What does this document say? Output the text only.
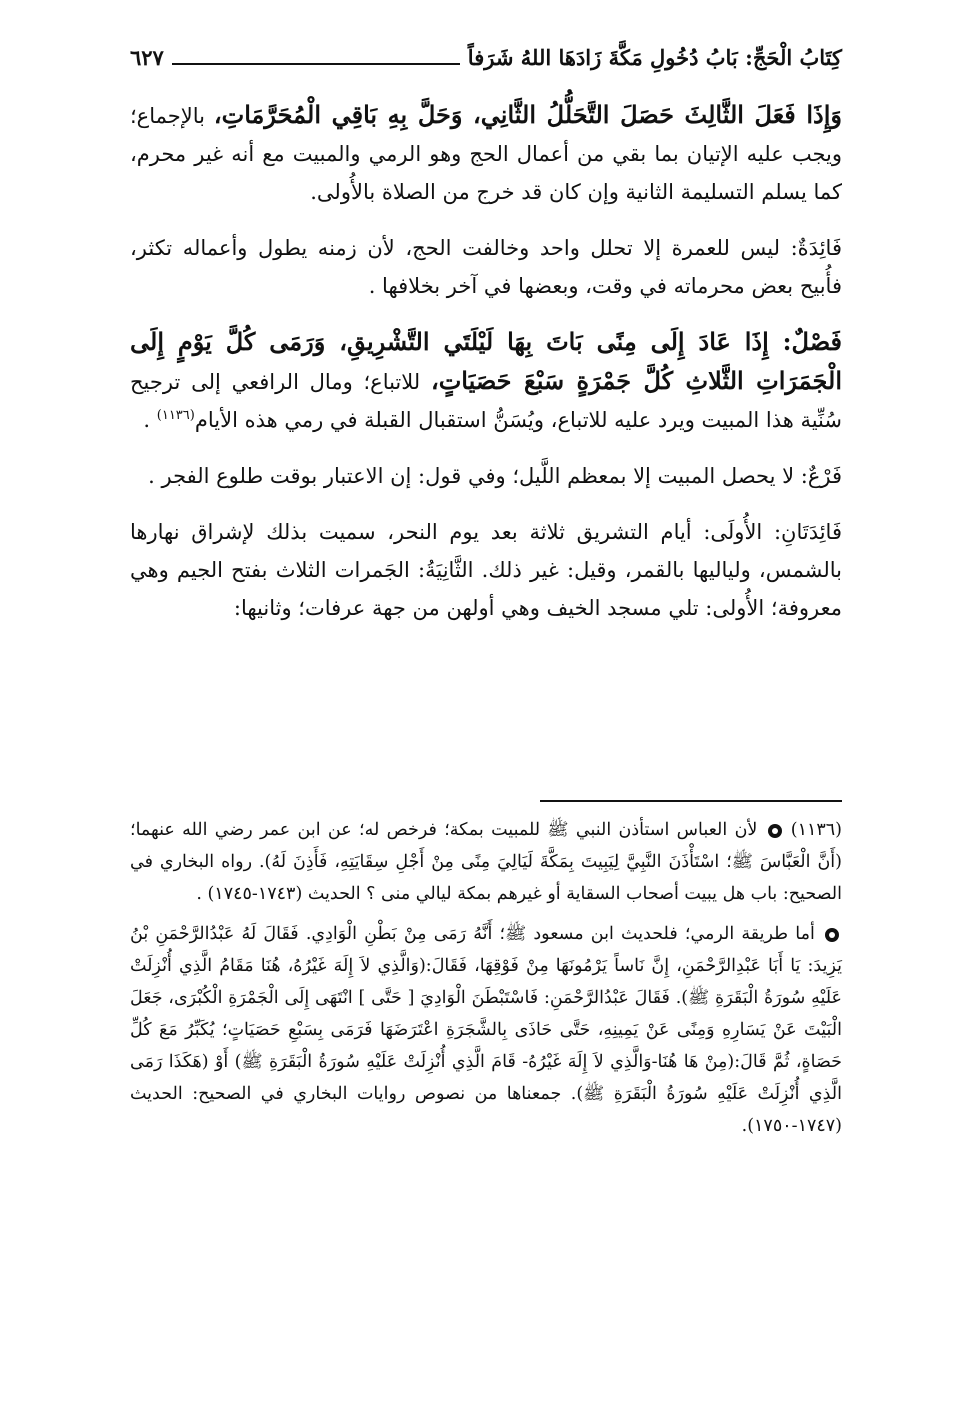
كِتَابُ الْحَجِّ: بَابُ دُخُولِ مَكَّةَ زَادَهَا اللهُ شَرَفاً
٦٢٧

وَإِذَا فَعَلَ الثَّالِثَ حَصَلَ التَّحَلُّلُ الثَّانِي، وَحَلَّ بِهِ بَاقِي الْمُحَرَّمَاتِ، بالإجماع؛ ويجب عليه الإتيان بما بقي من أعمال الحج وهو الرمي والمبيت مع أنه غير محرم، كما يسلم التسليمة الثانية وإن كان قد خرج من الصلاة بالأُولى.

فَائِدَةٌ: ليس للعمرة إلا تحلل واحد وخالفت الحج، لأن زمنه يطول وأعماله تكثر، فأُبيح بعض محرماته في وقت، وبعضها في آخر بخلافها .

فَصْلٌ: إِذَا عَادَ إِلَى مِنًى بَاتَ بِهَا لَيْلَتَي التَّشْرِيقِ، وَرَمَى كُلَّ يَوْمٍ إِلَى الْجَمَرَاتِ الثَّلاثِ كُلَّ جَمْرَةٍ سَبْعَ حَصَيَاتٍ، للاتباع؛ ومال الرافعي إلى ترجيح سُنِّية هذا المبيت ويرد عليه للاتباع، ويُسَنُّ استقبال القبلة في رمي هذه الأيام$^{(١١٣٦)}$ .

فَرْعٌ: لا يحصل المبيت إلا بمعظم اللَّيل؛ وفي قول: إن الاعتبار بوقت طلوع الفجر .

فَائِدَتَانِ: الأُولَى: أيام التشريق ثلاثة بعد يوم النحر، سميت بذلك لإشراق نهارها بالشمس، ولياليها بالقمر، وقيل: غير ذلك. الثَّانِيَةُ: الجَمرات الثلاث بفتح الجيم وهي معروفة؛ الأُولى: تلي مسجد الخيف وهي أولهن من جهة عرفات؛ وثانيها:

(١١٣٦) لأن العباس استأذن النبي ﷺ للمبيت بمكة؛ فرخص له؛ عن ابن عمر رضي الله عنهما؛ (أَنَّ الْعَبَّاسَ ﷺ؛ اسْتَأْذَنَ النَّبِيَّ لِيَبِيتَ بِمَكَّةَ لَيَالِيَ مِنًى مِنْ أَجْلِ سِقَايَتِهِ، فَأَذِنَ لَهُ). رواه البخاري في الصحيح: باب هل يبيت أصحاب السقاية أو غيرهم بمكة ليالي منى ؟ الحديث (١٧٤٣-١٧٤٥) .

أما طريقة الرمي؛ فلحديث ابن مسعود ﷺ؛ أَنَّهُ رَمَى مِنْ بَطْنِ الْوَادِي. فَقَالَ لَهُ عَبْدُالرَّحْمَنِ بْنُ يَزِيدَ: يَا أَبَا عَبْدِالرَّحْمَنِ، إِنَّ نَاساً يَرْمُونَهَا مِنْ فَوْقِهَا، فَقَالَ:(وَالَّذِي لاَ إِلَهَ غَيْرُهُ، هُنَا مَقَامُ الَّذِي أُنْزِلَتْ عَلَيْهِ سُورَةُ الْبَقَرَةِ ﷺ). فَقَالَ عَبْدُالرَّحْمَنِ: فَاسْتَبْطَنَ الْوَادِيَ [ حَتَّى ] انْتَهَى إِلَى الْجَمْرَةِ الْكُبْرَى، جَعَلَ الْبَيْتَ عَنْ يَسَارِهِ وَمِنًى عَنْ يَمِينِهِ، حَتَّى حَاذَى بِالشَّجَرَةِ اعْتَرَضَهَا فَرَمَى بِسَبْعِ حَصَيَاتٍ؛ يُكَبِّرُ مَعَ كُلِّ حَصَاةٍ، ثُمَّ قَالَ:(مِنْ هَا هُنَا-وَالَّذِي لاَ إِلَهَ غَيْرُهُ- قَامَ الَّذِي أُنْزِلَتْ عَلَيْهِ سُورَةُ الْبَقَرَةِ ﷺ) أَوْ (هَكَذَا رَمَى الَّذِي أُنْزِلَتْ عَلَيْهِ سُورَةُ الْبَقَرَةِ ﷺ). جمعناها من نصوص روايات البخاري في الصحيح: الحديث (١٧٤٧-١٧٥٠).
